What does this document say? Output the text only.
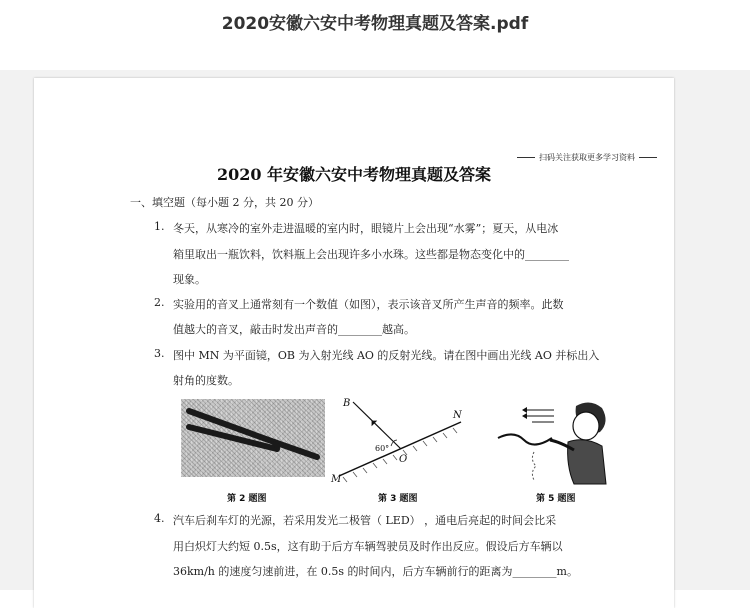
2020安徽六安中考物理真题及答案.pdf
扫码关注获取更多学习资料
2020 年安徽六安中考物理真题及答案
一、填空题（每小题 2 分，共 20 分）
1. 冬天，从寒冷的室外走进温暖的室内时，眼镜片上会出现“水雾”；夏天，从电冰
箱里取出一瓶饮料，饮料瓶上会出现许多小水珠。这些都是物态变化中的________
现象。
2. 实验用的音叉上通常刻有一个数值（如图），表示该音叉所产生声音的频率。此数
值越大的音叉，敲击时发出声音的________越高。
3. 图中 MN 为平面镜，OB 为入射光线 AO 的反射光线。请在图中画出光线 AO 并标出入
射角的度数。
第 2 题图
B
N
O
M
60°
第 3 题图	第 5 题图
4. 汽车后刹车灯的光源，若采用发光二极管（ LED） ，通电后亮起的时间会比采
用白炽灯大约短 0.5s，这有助于后方车辆驾驶员及时作出反应。假设后方车辆以
36km/h 的速度匀速前进，在 0.5s 的时间内，后方车辆前行的距离为________m。
